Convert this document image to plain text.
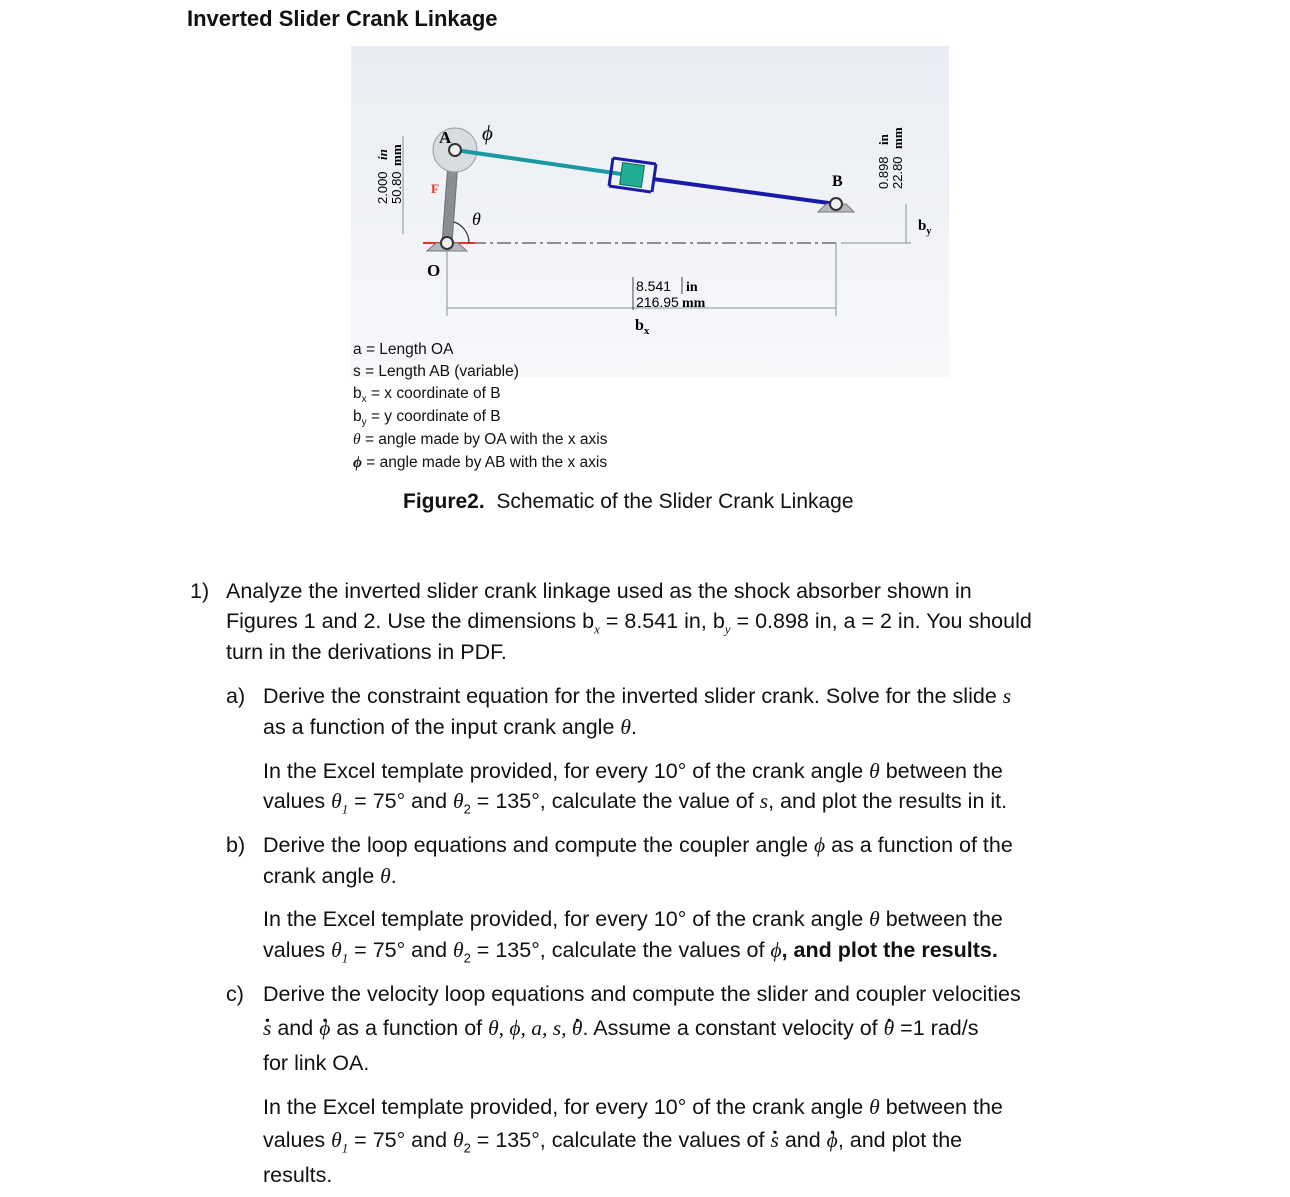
Inverted Slider Crank Linkage
A
F
O
B
ϕ
θ
8.541 in
216.95 mm
$b_x$
2.000
in
50.80
mm
0.898
in
22.80
mm
$b_y$
a = Length OA
s = Length AB (variable)
$b_x = x$ coordinate of B
$b_y = y$ coordinate of B
θ = angle made by OA with the x axis
ϕ = angle made by AB with the x axis
Figure2. Schematic of the Slider Crank Linkage
1) Analyze the inverted slider crank linkage used as the shock absorber shown in
Figures 1 and 2. Use the dimensions $b_x = 8.541$ in, $b_y = 0.898$ in, a = 2 in. You should
turn in the derivations in PDF.
a) Derive the constraint equation for the inverted slider crank. Solve for the slide s
as a function of the input crank angle θ.
In the Excel template provided, for every 10° of the crank angle θ between the
values $\theta_1 = 75^\circ$ and $\theta_2 = 135^\circ$, calculate the value of s, and plot the results in it.
b) Derive the loop equations and compute the coupler angle ϕ as a function of the
crank angle θ.
In the Excel template provided, for every 10° of the crank angle θ between the
values $\theta_1 = 75^\circ$ and $\theta_2 = 135^\circ$, calculate the values of ϕ, and plot the results.
c) Derive the velocity loop equations and compute the slider and coupler velocities
. s and . ϕ as a function of θ, ϕ, a, s, . θ. Assume a constant velocity of . θ =1 rad/s
for link OA.
In the Excel template provided, for every 10° of the crank angle θ between the
values $\theta_1 = 75^\circ$ and $\theta_2 = 135^\circ$, calculate the values of . s and . ϕ, and plot the
results.
